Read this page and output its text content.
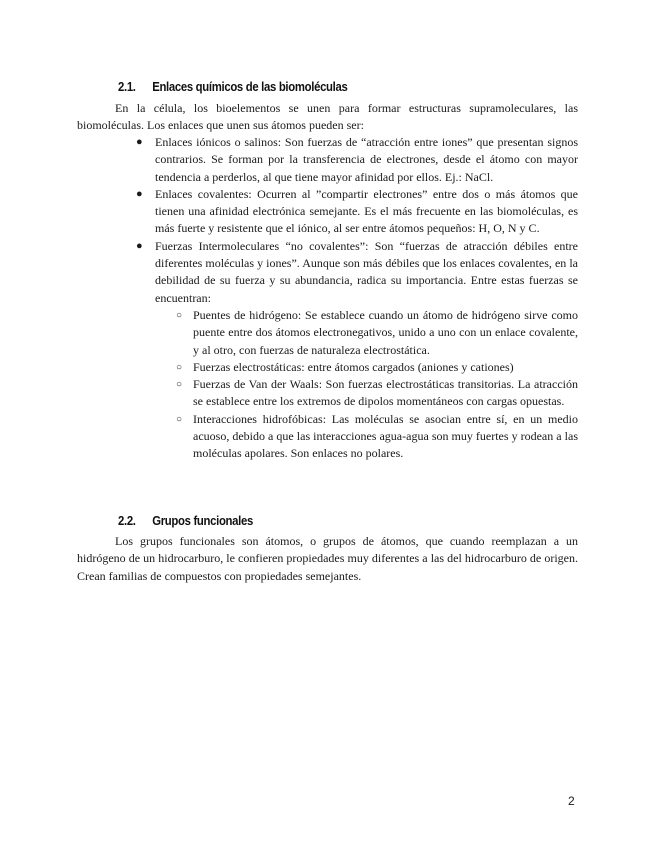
2.1. Enlaces químicos de las biomoléculas

En la célula, los bioelementos se unen para formar estructuras supramoleculares, las biomoléculas. Los enlaces que unen sus átomos pueden ser:

● Enlaces iónicos o salinos: Son fuerzas de “atracción entre iones” que presentan signos contrarios. Se forman por la transferencia de electrones, desde el átomo con mayor tendencia a perderlos, al que tiene mayor afinidad por ellos. Ej.: NaCl.
● Enlaces covalentes: Ocurren al ”compartir electrones” entre dos o más átomos que tienen una afinidad electrónica semejante. Es el más frecuente en las biomoléculas, es más fuerte y resistente que el iónico, al ser entre átomos pequeños: H, O, N y C.
● Fuerzas Intermoleculares “no covalentes”: Son “fuerzas de atracción débiles entre diferentes moléculas y iones”. Aunque son más débiles que los enlaces covalentes, en la debilidad de su fuerza y su abundancia, radica su importancia. Entre estas fuerzas se encuentran:
○ Puentes de hidrógeno: Se establece cuando un átomo de hidrógeno sirve como puente entre dos átomos electronegativos, unido a uno con un enlace covalente, y al otro, con fuerzas de naturaleza electrostática.
○ Fuerzas electrostáticas: entre átomos cargados (aniones y cationes)
○ Fuerzas de Van der Waals: Son fuerzas electrostáticas transitorias. La atracción se establece entre los extremos de dipolos momentáneos con cargas opuestas.
○ Interacciones hidrofóbicas: Las moléculas se asocian entre sí, en un medio acuoso, debido a que las interacciones agua-agua son muy fuertes y rodean a las moléculas apolares. Son enlaces no polares.
2.2. Grupos funcionales

Los grupos funcionales son átomos, o grupos de átomos, que cuando reemplazan a un hidrógeno de un hidrocarburo, le confieren propiedades muy diferentes a las del hidrocarburo de origen. Crean familias de compuestos con propiedades semejantes.

2
